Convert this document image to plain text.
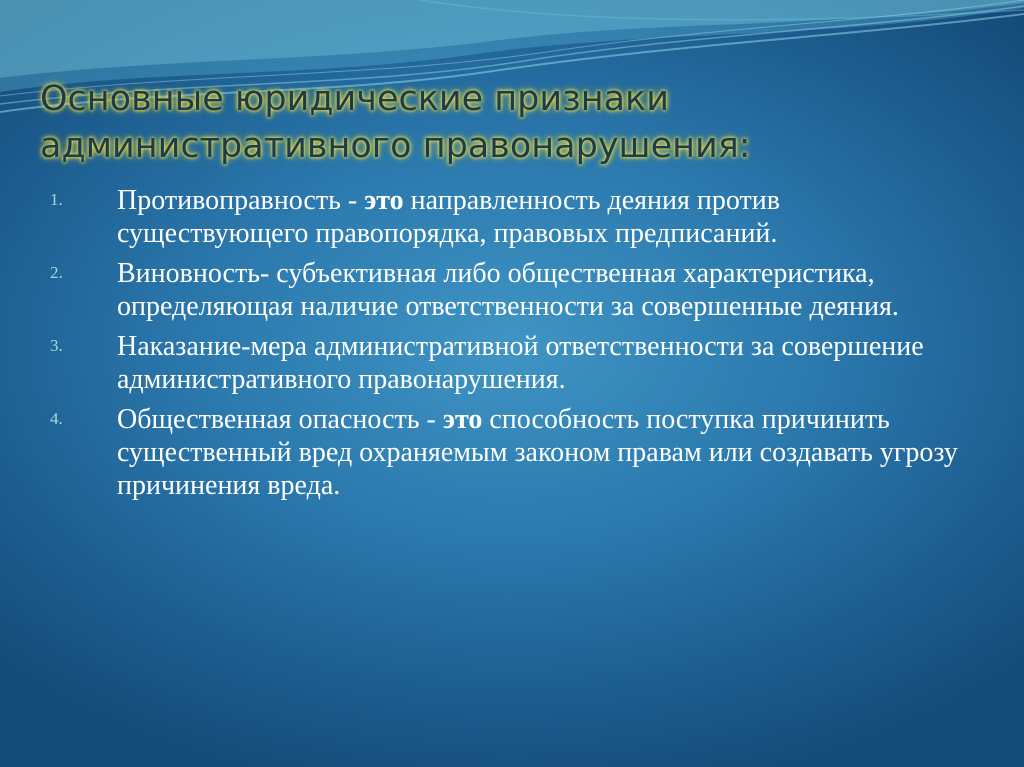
Основные юридические признаки административного правонарушения:
1.	Противоправность - это направленность деяния против существующего правопорядка, правовых предписаний.
2.	Виновность- субъективная либо общественная характеристика, определяющая наличие ответственности за совершенные деяния.
3.	Наказание-мера административной ответственности за совершение административного правонарушения.
4.	Общественная опасность - это способность поступка причинить существенный вред охраняемым законом правам или создавать угрозу причинения вреда.
